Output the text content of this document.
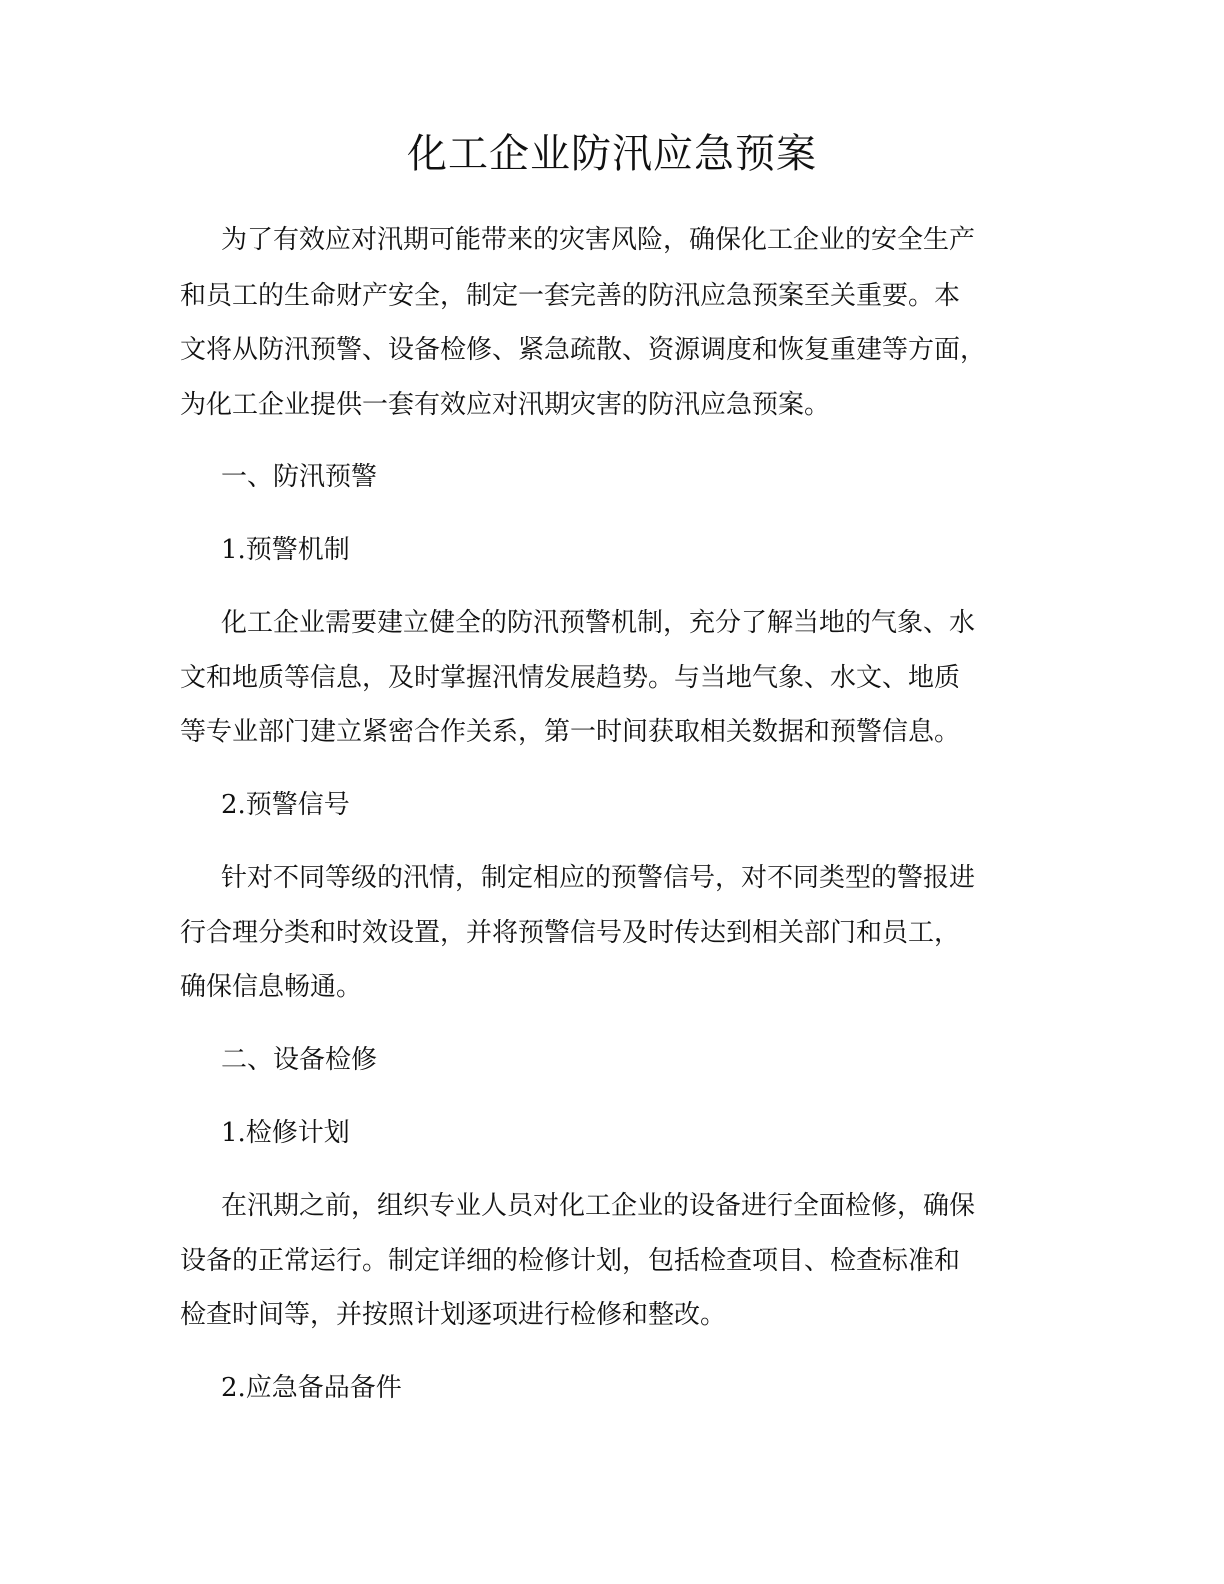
化工企业防汛应急预案

为了有效应对汛期可能带来的灾害风险，确保化工企业的安全生产

和员工的生命财产安全，制定一套完善的防汛应急预案至关重要。本

文将从防汛预警、设备检修、紧急疏散、资源调度和恢复重建等方面，

为化工企业提供一套有效应对汛期灾害的防汛应急预案。

一、防汛预警

1.预警机制

化工企业需要建立健全的防汛预警机制，充分了解当地的气象、水

文和地质等信息，及时掌握汛情发展趋势。与当地气象、水文、地质

等专业部门建立紧密合作关系，第一时间获取相关数据和预警信息。

2.预警信号

针对不同等级的汛情，制定相应的预警信号，对不同类型的警报进

行合理分类和时效设置，并将预警信号及时传达到相关部门和员工，

确保信息畅通。

二、设备检修

1.检修计划

在汛期之前，组织专业人员对化工企业的设备进行全面检修，确保

设备的正常运行。制定详细的检修计划，包括检查项目、检查标准和

检查时间等，并按照计划逐项进行检修和整改。

2.应急备品备件
